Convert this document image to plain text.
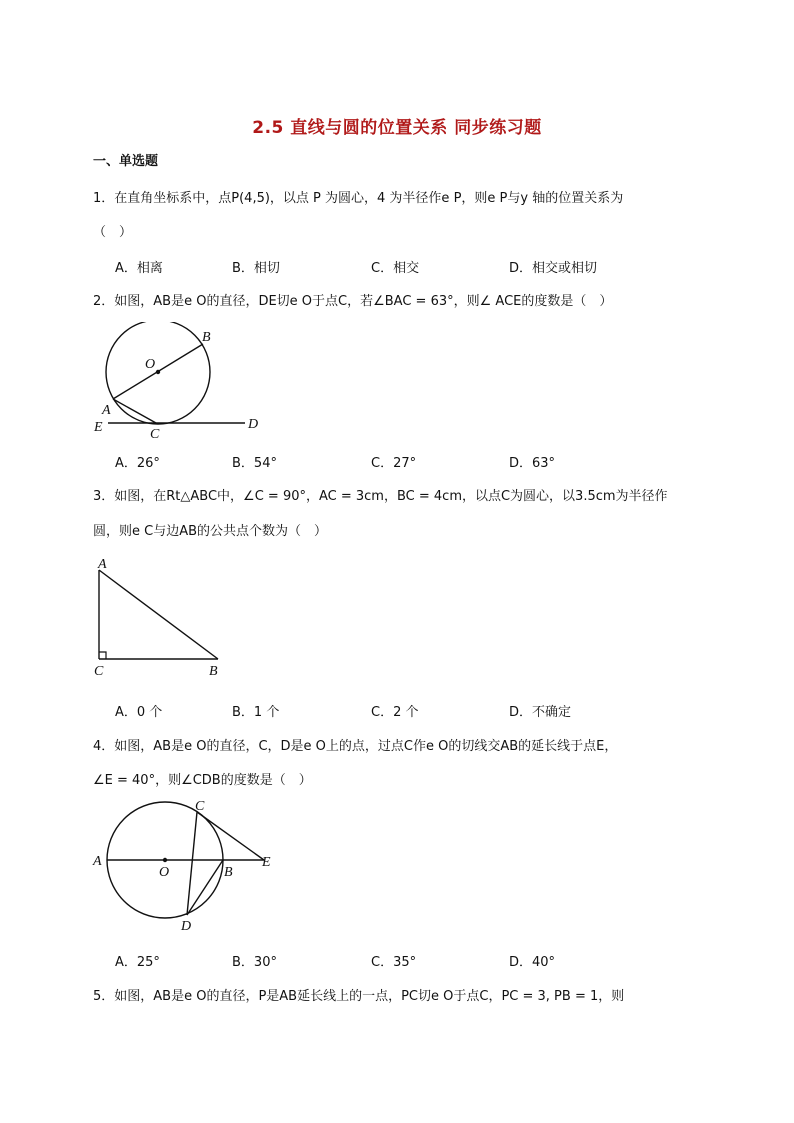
2.5 直线与圆的位置关系 同步练习题
一、单选题
1．在直角坐标系中，点P(4,5)，以点 P 为圆心，4 为半径作e P，则e P与y 轴的位置关系为
（　）
A．相离	B．相切	C．相交	D．相交或相切
2．如图，AB是e O的直径，DE切e O于点C，若∠BAC = 63°，则∠ ACE的度数是（　）
O
B
A
E	C
D
A．26°	B．54°	C．27°	D．63°
3．如图，在Rt△ABC中，∠C = 90°，AC = 3cm，BC = 4cm，以点C为圆心，以3.5cm为半径作
圆，则e C与边AB的公共点个数为（　）
A
C	B
A．0 个	B．1 个	C．2 个	D．不确定
4．如图，AB是e O的直径，C，D是e O上的点，过点C作e O的切线交AB的延长线于点E，
∠E = 40°，则∠CDB的度数是（　）
C
A
O	B
E
D
A．25°	B．30°	C．35°	D．40°
5．如图，AB是e O的直径，P是AB延长线上的一点，PC切e O于点C，PC = 3, PB = 1，则
